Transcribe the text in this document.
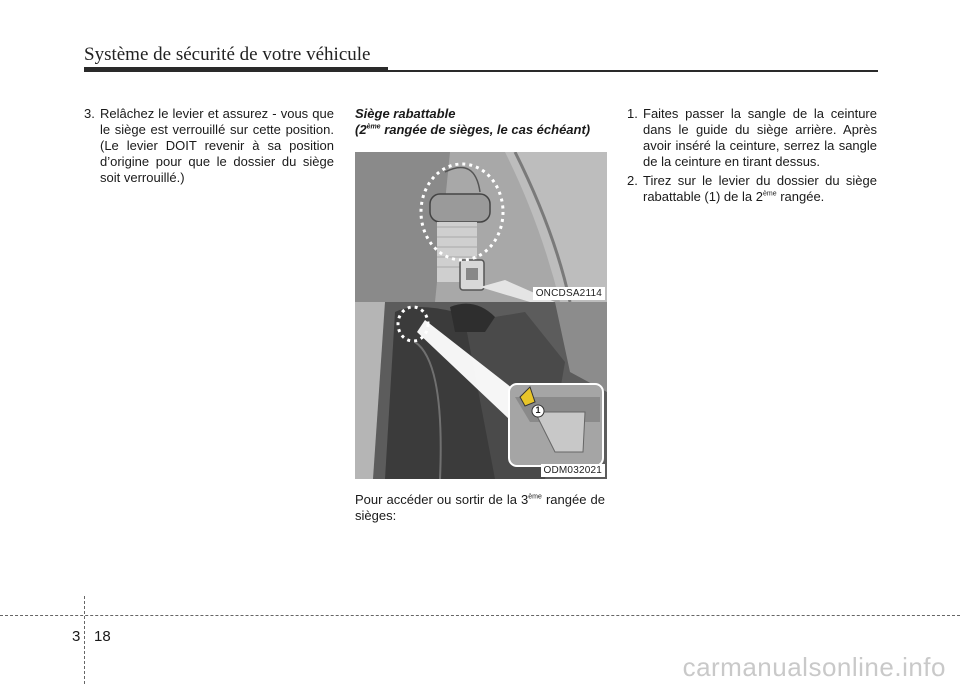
Système de sécurité de votre véhicule
3. Relâchez le levier et assurez - vous que le siège est verrouillé sur cette position. (Le levier DOIT revenir à sa position d’origine pour que le dossier du siège soit verrouillé.)
Siège rabattable
(2ème rangée de sièges, le cas échéant)
ONCDSA2114
1
ODM032021
Pour accéder ou sortir de la 3ème rangée de sièges:
1. Faites passer la sangle de la ceinture dans le guide du siège arrière. Après avoir inséré la ceinture, serrez la sangle de la ceinture en tirant dessus.
2. Tirez sur le levier du dossier du siège rabattable (1) de la 2ème rangée.
3 18
carmanualsonline.info
